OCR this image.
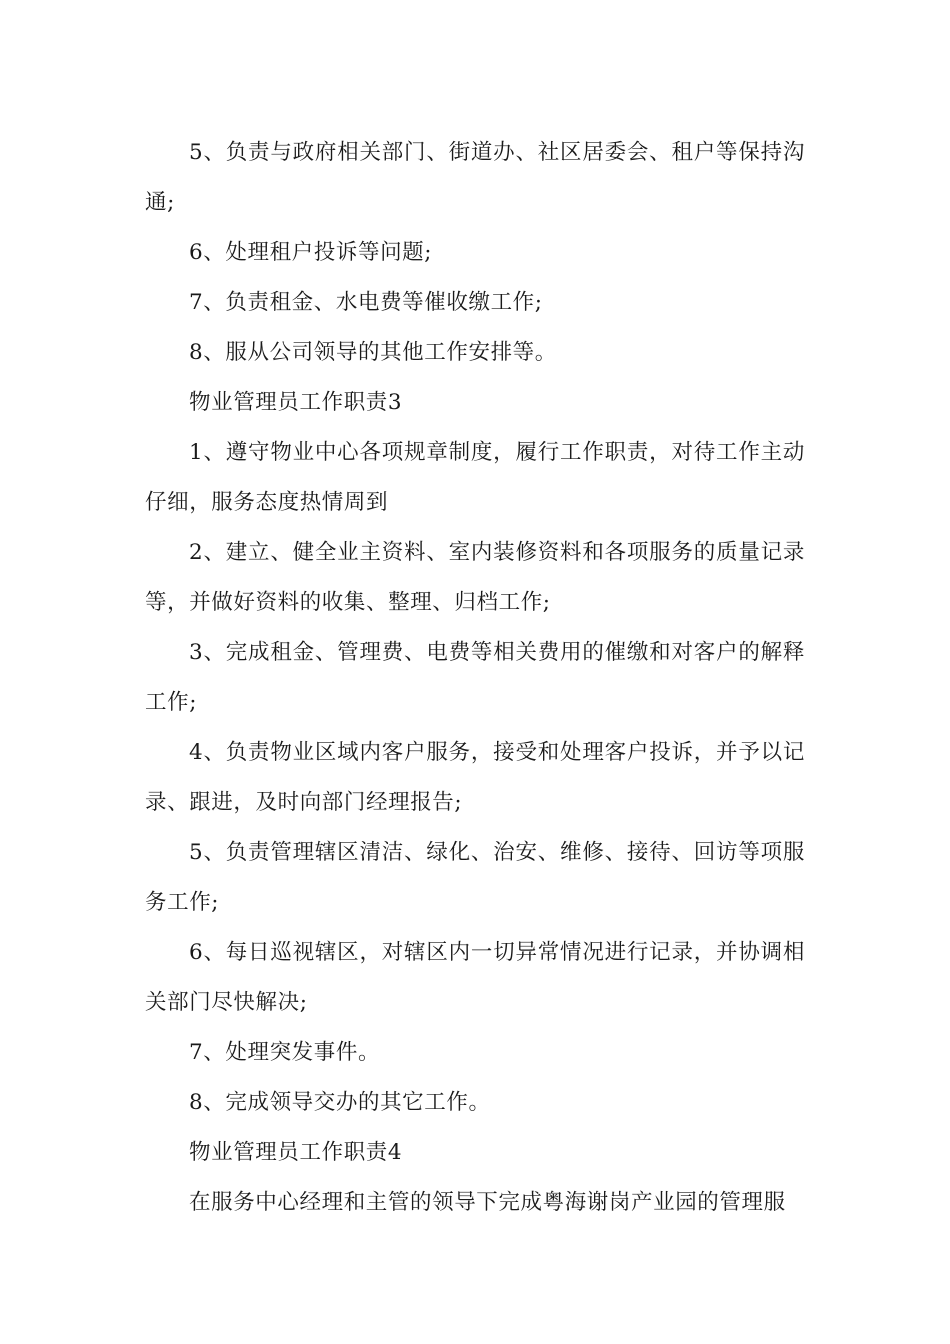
5、负责与政府相关部门、街道办、社区居委会、租户等保持沟通;

6、处理租户投诉等问题;

7、负责租金、水电费等催收缴工作;

8、服从公司领导的其他工作安排等。

物业管理员工作职责3

1、遵守物业中心各项规章制度，履行工作职责，对待工作主动仔细，服务态度热情周到

2、建立、健全业主资料、室内装修资料和各项服务的质量记录等，并做好资料的收集、整理、归档工作;

3、完成租金、管理费、电费等相关费用的催缴和对客户的解释工作;

4、负责物业区域内客户服务，接受和处理客户投诉，并予以记录、跟进，及时向部门经理报告;

5、负责管理辖区清洁、绿化、治安、维修、接待、回访等项服务工作;

6、每日巡视辖区，对辖区内一切异常情况进行记录，并协调相关部门尽快解决;

7、处理突发事件。

8、完成领导交办的其它工作。

物业管理员工作职责4

在服务中心经理和主管的领导下完成粤海谢岗产业园的管理服
